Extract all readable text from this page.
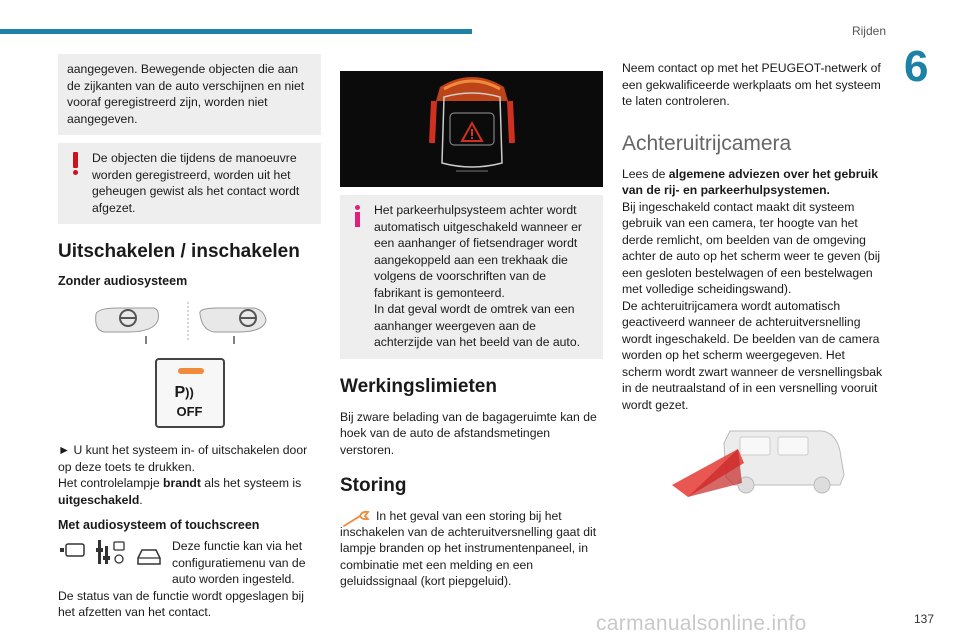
Rijden
6
aangegeven. Bewegende objecten die aan de zijkanten van de auto verschijnen en niet vooraf geregistreerd zijn, worden niet aangegeven.
De objecten die tijdens de manoeuvre
worden geregistreerd, worden uit het geheugen gewist als het contact wordt afgezet.
Uitschakelen / inschakelen
Zonder audiosysteem
P))
OFF

► U kunt het systeem in- of uitschakelen door op deze toets te drukken.

Het controlelampje brandt als het systeem is uitgeschakeld.

Met audiosysteem of touchscreen

Deze functie kan via het configuratiemenu van de auto worden ingesteld.

De status van de functie wordt opgeslagen bij het afzetten van het contact.

Het parkeerhulpsysteem achter wordt
automatisch uitgeschakeld wanneer er een aanhanger of fietsendrager wordt aangekoppeld aan een trekhaak die volgens de voorschriften van de fabrikant is gemonteerd.
In dat geval wordt de omtrek van een aanhanger weergeven aan de achterzijde van het beeld van de auto.
Werkingslimieten

Bij zware belading van de bagageruimte kan de hoek van de auto de afstandsmetingen verstoren.

Storing

In het geval van een storing bij het

inschakelen van de achteruitversnelling gaat dit lampje branden op het instrumentenpaneel, in combinatie met een melding en een geluidssignaal (kort piepgeluid).

Neem contact op met het PEUGEOT-netwerk of een gekwalificeerde werkplaats om het systeem te laten controleren.

Achteruitrijcamera

Lees de algemene adviezen over het gebruik van de rij- en parkeerhulpsystemen.

Bij ingeschakeld contact maakt dit systeem gebruik van een camera, ter hoogte van het derde remlicht, om beelden van de omgeving achter de auto op het scherm weer te geven (bij een gesloten bestelwagen of een bestelwagen met volledige scheidingswand).

De achteruitrijcamera wordt automatisch geactiveerd wanneer de achteruitversnelling wordt ingeschakeld. De beelden van de camera worden op het scherm weergegeven. Het scherm wordt zwart wanneer de versnellingsbak in de neutraalstand of in een versnelling vooruit wordt gezet.

carmanualsonline.info	137
